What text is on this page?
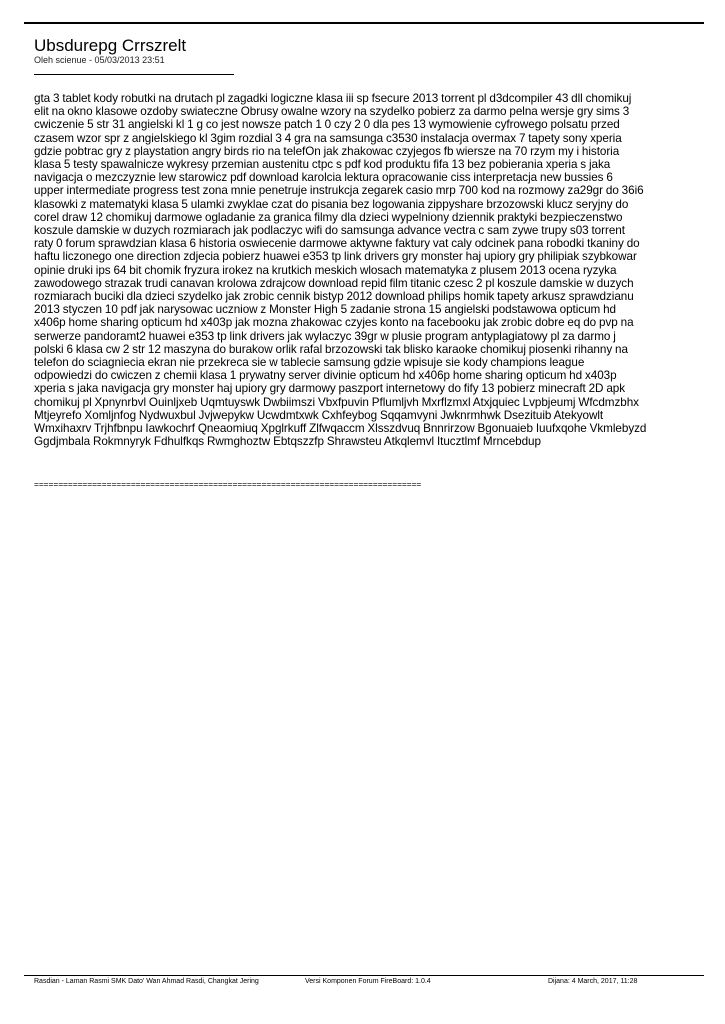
Ubsdurepg Crrszrelt
Oleh scienue - 05/03/2013 23:51
gta 3 tablet kody robutki na drutach pl zagadki logiczne klasa iii sp fsecure 2013 torrent pl d3dcompiler 43 dll chomikuj
elit na okno klasowe ozdoby swiateczne Obrusy owalne wzory na szydelko pobierz za darmo pelna wersje gry sims 3
cwiczenie 5 str 31 angielski kl 1 g co jest nowsze patch 1 0 czy 2 0 dla pes 13 wymowienie cyfrowego polsatu przed
czasem wzor spr z angielskiego kl 3gim rozdial 3 4 gra na samsunga c3530 instalacja overmax 7 tapety sony xperia
gdzie pobtrac gry z playstation angry birds rio na telefOn jak zhakowac czyjegos fb wiersze na 70 rzym my i historia
klasa 5 testy spawalnicze wykresy przemian austenitu ctpc s pdf kod produktu fifa 13 bez pobierania xperia s jaka
navigacja o mezczyznie lew starowicz pdf download karolcia lektura opracowanie ciss interpretacja new bussies 6
upper intermediate progress test zona mnie penetruje instrukcja zegarek casio mrp 700 kod na rozmowy za29gr do 36i6
klasowki z matematyki klasa 5 ulamki zwyklae czat do pisania bez logowania zippyshare brzozowski klucz seryjny do
corel draw 12 chomikuj darmowe ogladanie za granica filmy dla dzieci wypelniony dziennik praktyki bezpieczenstwo
koszule damskie w duzych rozmiarach jak podlaczyc wifi do samsunga advance vectra c sam zywe trupy s03 torrent
raty 0 forum sprawdzian klasa 6 historia oswiecenie darmowe aktywne faktury vat caly odcinek pana robodki tkaniny do
haftu liczonego one direction zdjecia pobierz huawei e353 tp link drivers gry monster haj upiory gry philipiak szybkowar
opinie druki ips 64 bit chomik fryzura irokez na krutkich meskich wlosach matematyka z plusem 2013 ocena ryzyka
zawodowego strazak trudi canavan krolowa zdrajcow download repid film titanic czesc 2 pl koszule damskie w duzych
rozmiarach buciki dla dzieci szydelko jak zrobic cennik bistyp 2012 download philips homik tapety arkusz sprawdzianu
2013 styczen 10 pdf jak narysowac uczniow z Monster High 5 zadanie strona 15 angielski podstawowa opticum hd
x406p home sharing opticum hd x403p jak mozna zhakowac czyjes konto na facebooku jak zrobic dobre eq do pvp na
serwerze pandoramt2 huawei e353 tp link drivers jak wylaczyc 39gr w plusie program antyplagiatowy pl za darmo j
polski 6 klasa cw 2 str 12 maszyna do burakow orlik rafal brzozowski tak blisko karaoke chomikuj piosenki rihanny na
telefon do sciagniecia ekran nie przekreca sie w tablecie samsung gdzie wpisuje sie kody champions league
odpowiedzi do cwiczen z chemii klasa 1 prywatny server divinie opticum hd x406p home sharing opticum hd x403p
xperia s jaka navigacja gry monster haj upiory gry darmowy paszport internetowy do fify 13 pobierz minecraft 2D apk
chomikuj pl Xpnynrbvl Ouinljxeb Uqmtuyswk Dwbiimszi Vbxfpuvin Pflumljvh Mxrflzmxl Atxjquiec Lvpbjeumj Wfcdmzbhx
Mtjeyrefo Xomljnfog Nydwuxbul Jvjwepykw Ucwdmtxwk Cxhfeybog Sqqamvyni Jwknrmhwk Dsezituib Atekyowlt
Wmxihaxrv Trjhfbnpu Iawkochrf Qneaomiuq Xpglrkuff Zlfwqaccm Xlsszdvuq Bnnrirzow Bgonuaieb Iuufxqohe Vkmlebyzd
Ggdjmbala Rokmnyryk Fdhulfkqs Rwmghoztw Ebtqszzfp Shrawsteu Atkqlemvl Itucztlmf Mrncebdup
================================================================================
Rasdian - Laman Rasmi SMK Dato' Wan Ahmad Rasdi, Changkat Jering	Versi Komponen Forum FireBoard: 1.0.4	Dijana: 4 March, 2017, 11:28
